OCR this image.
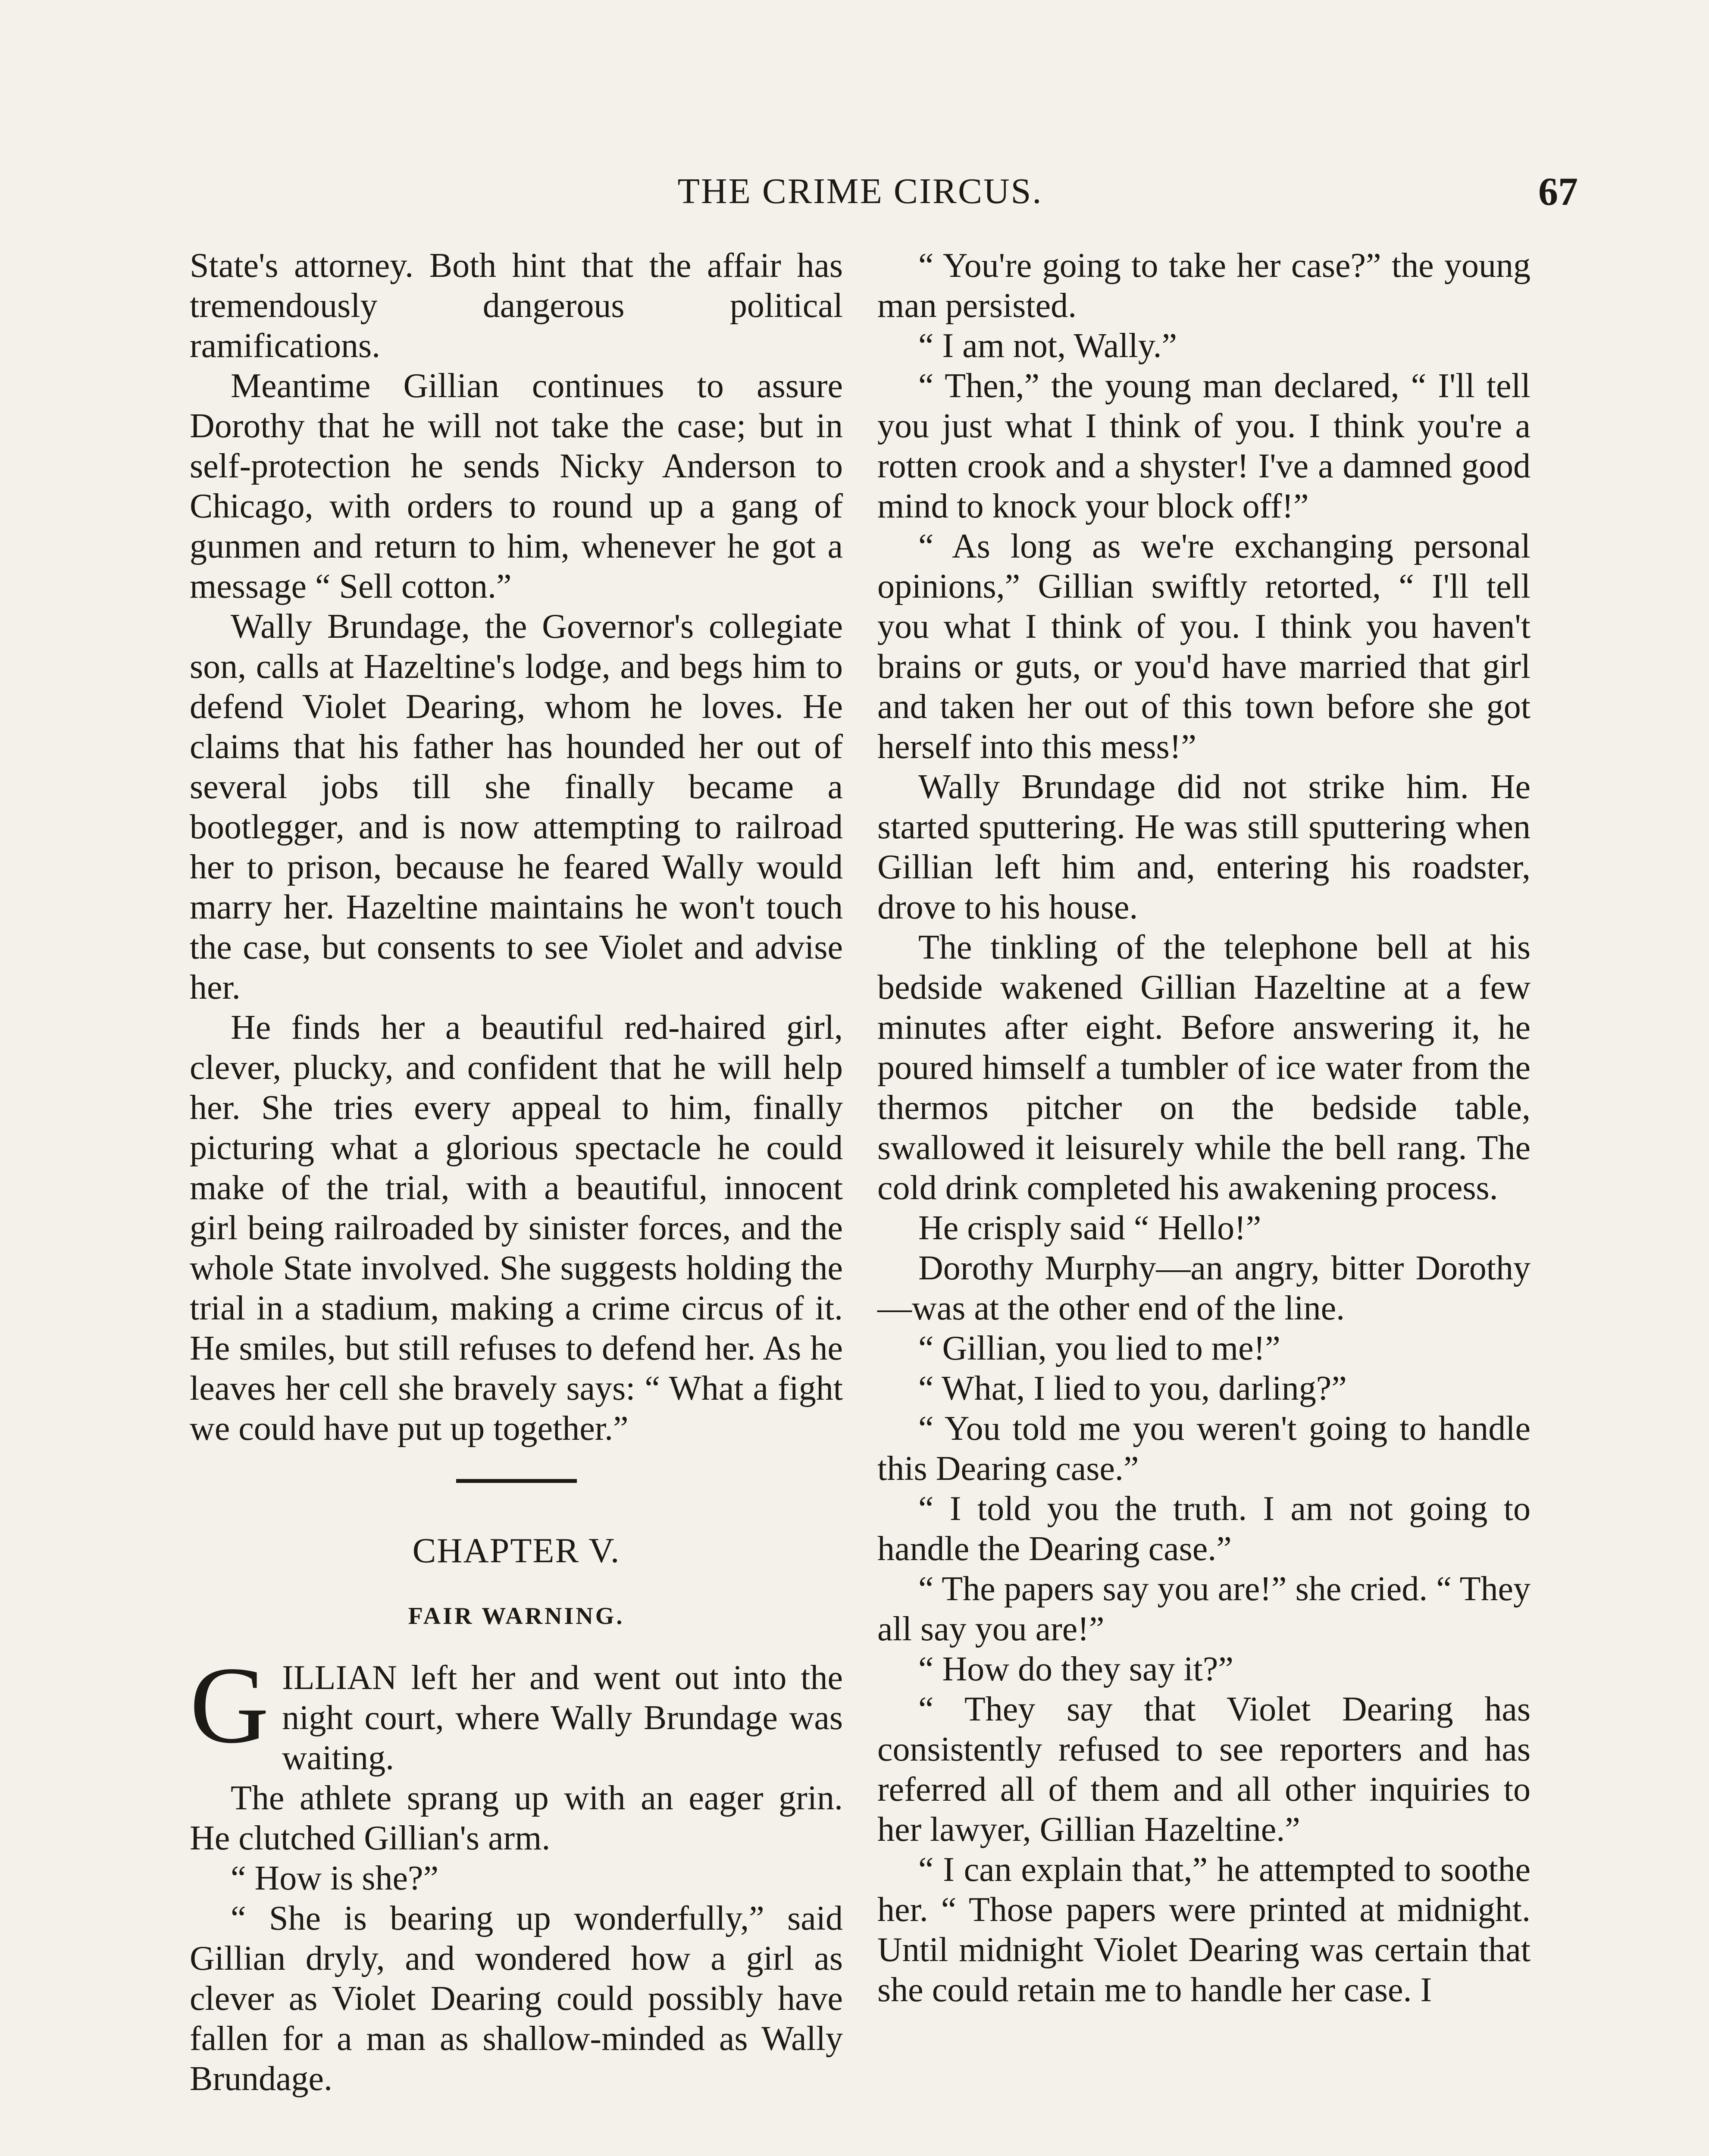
THE CRIME CIRCUS.	67

State's attorney. Both hint that the affair has tremendously dangerous political ramifications.

Meantime Gillian continues to assure Dorothy that he will not take the case; but in self-protection he sends Nicky Anderson to Chicago, with orders to round up a gang of gunmen and return to him, whenever he got a message “ Sell cotton.”

Wally Brundage, the Governor's collegiate son, calls at Hazeltine's lodge, and begs him to defend Violet Dearing, whom he loves. He claims that his father has hounded her out of several jobs till she finally became a bootlegger, and is now attempting to railroad her to prison, because he feared Wally would marry her. Hazeltine maintains he won't touch the case, but consents to see Violet and advise her.

He finds her a beautiful red-haired girl, clever, plucky, and confident that he will help her. She tries every appeal to him, finally picturing what a glorious spectacle he could make of the trial, with a beautiful, innocent girl being railroaded by sinister forces, and the whole State involved. She suggests holding the trial in a stadium, making a crime circus of it. He smiles, but still refuses to defend her. As he leaves her cell she bravely says: “ What a fight we could have put up together.”

CHAPTER V.
FAIR WARNING.

GILLIAN left her and went out into the night court, where Wally Brundage was waiting.

The athlete sprang up with an eager grin. He clutched Gillian's arm.

“ How is she?”

“ She is bearing up wonderfully,” said Gillian dryly, and wondered how a girl as clever as Violet Dearing could possibly have fallen for a man as shallow-minded as Wally Brundage.

“ You're going to take her case?” the young man persisted.

“ I am not, Wally.”

“ Then,” the young man declared, “ I'll tell you just what I think of you. I think you're a rotten crook and a shyster! I've a damned good mind to knock your block off!”

“ As long as we're exchanging personal opinions,” Gillian swiftly retorted, “ I'll tell you what I think of you. I think you haven't brains or guts, or you'd have married that girl and taken her out of this town before she got herself into this mess!”

Wally Brundage did not strike him. He started sputtering. He was still sputtering when Gillian left him and, entering his roadster, drove to his house.

The tinkling of the telephone bell at his bedside wakened Gillian Hazeltine at a few minutes after eight. Before answering it, he poured himself a tumbler of ice water from the thermos pitcher on the bedside table, swallowed it leisurely while the bell rang. The cold drink completed his awakening process.

He crisply said “ Hello!”

Dorothy Murphy—an angry, bitter Dorothy—was at the other end of the line.

“ Gillian, you lied to me!”

“ What, I lied to you, darling?”

“ You told me you weren't going to handle this Dearing case.”

“ I told you the truth. I am not going to handle the Dearing case.”

“ The papers say you are!” she cried. “ They all say you are!”

“ How do they say it?”

“ They say that Violet Dearing has consistently refused to see reporters and has referred all of them and all other inquiries to her lawyer, Gillian Hazeltine.”

“ I can explain that,” he attempted to soothe her. “ Those papers were printed at midnight. Until midnight Violet Dearing was certain that she could retain me to handle her case. I
